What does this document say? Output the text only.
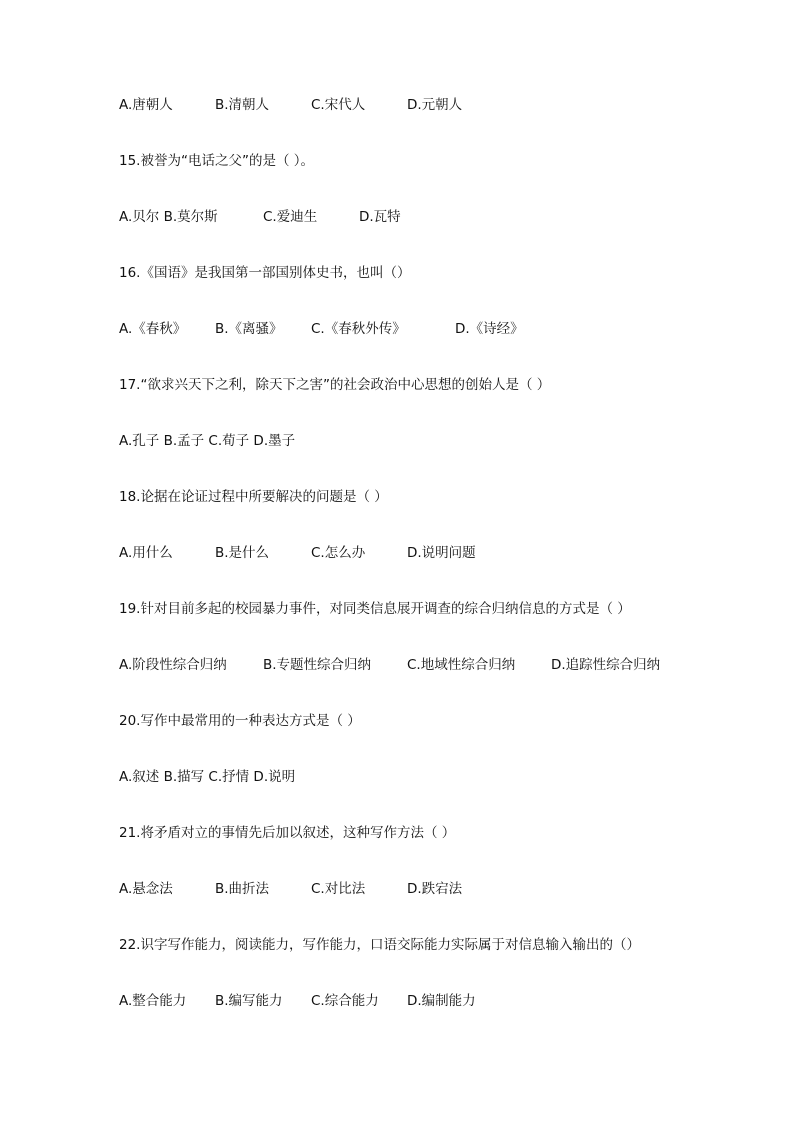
A.唐朝人	B.清朝人	C.宋代人	D.元朝人
15.被誉为“电话之父”的是（ ）。
A.贝尔 B.莫尔斯	C.爱迪生	D.瓦特
16.《国语》是我国第一部国别体史书，也叫（）
A.《春秋》 B.《离骚》 C.《春秋外传》	D.《诗经》
17.“欲求兴天下之利，除天下之害”的社会政治中心思想的创始人是（ ）
A.孔子 B.孟子 C.荀子 D.墨子
18.论据在论证过程中所要解决的问题是（ ）
A.用什么	B.是什么	C.怎么办	D.说明问题
19.针对目前多起的校园暴力事件，对同类信息展开调查的综合归纳信息的方式是（ ）
A.阶段性综合归纳	B.专题性综合归纳	C.地域性综合归纳	D.追踪性综合归纳
20.写作中最常用的一种表达方式是（ ）
A.叙述 B.描写 C.抒情 D.说明
21.将矛盾对立的事情先后加以叙述，这种写作方法（ ）
A.悬念法	B.曲折法	C.对比法	D.跌宕法
22.识字写作能力，阅读能力，写作能力，口语交际能力实际属于对信息输入输出的（）
A.整合能力 B.编写能力 C.综合能力 D.编制能力
